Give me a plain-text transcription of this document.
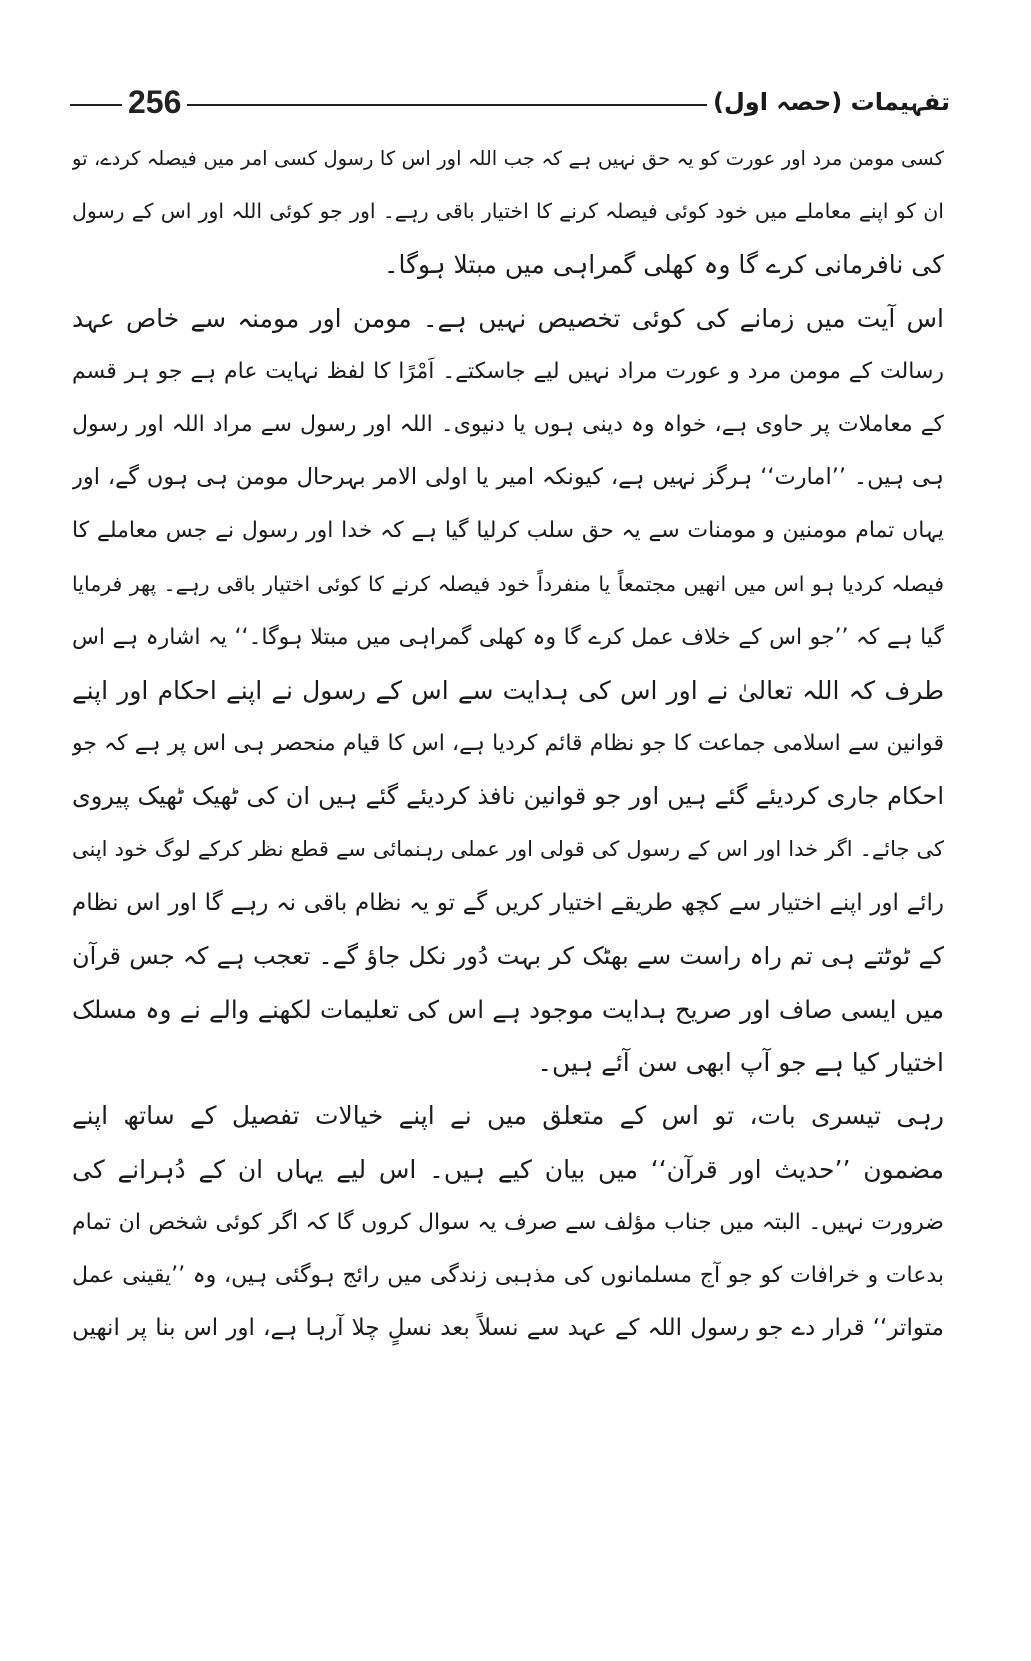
256	تفہیمات (حصہ اول)
کسی مومن مرد اور عورت کو یہ حق نہیں ہے کہ جب اللہ اور اس کا رسول کسی امر میں فیصلہ کردے، تو
ان کو اپنے معاملے میں خود کوئی فیصلہ کرنے کا اختیار باقی رہے۔ اور جو کوئی اللہ اور اس کے رسول
کی نافرمانی کرے گا وہ کھلی گمراہی میں مبتلا ہوگا۔
اس آیت میں زمانے کی کوئی تخصیص نہیں ہے۔ مومن اور مومنہ سے خاص عہد
رسالت کے مومن مرد و عورت مراد نہیں لیے جاسکتے۔ اَمْرًا کا لفظ نہایت عام ہے جو ہر قسم
کے معاملات پر حاوی ہے، خواہ وہ دینی ہوں یا دنیوی۔ اللہ اور رسول سے مراد اللہ اور رسول
ہی ہیں۔ ’’امارت‘‘ ہرگز نہیں ہے، کیونکہ امیر یا اولی الامر بہرحال مومن ہی ہوں گے، اور
یہاں تمام مومنین و مومنات سے یہ حق سلب کرلیا گیا ہے کہ خدا اور رسول نے جس معاملے کا
فیصلہ کردیا ہو اس میں انھیں مجتمعاً یا منفرداً خود فیصلہ کرنے کا کوئی اختیار باقی رہے۔ پھر فرمایا
گیا ہے کہ ’’جو اس کے خلاف عمل کرے گا وہ کھلی گمراہی میں مبتلا ہوگا۔‘‘ یہ اشارہ ہے اس
طرف کہ اللہ تعالیٰ نے اور اس کی ہدایت سے اس کے رسول نے اپنے احکام اور اپنے
قوانین سے اسلامی جماعت کا جو نظام قائم کردیا ہے، اس کا قیام منحصر ہی اس پر ہے کہ جو
احکام جاری کردیئے گئے ہیں اور جو قوانین نافذ کردیئے گئے ہیں ان کی ٹھیک ٹھیک پیروی
کی جائے۔ اگر خدا اور اس کے رسول کی قولی اور عملی رہنمائی سے قطع نظر کرکے لوگ خود اپنی
رائے اور اپنے اختیار سے کچھ طریقے اختیار کریں گے تو یہ نظام باقی نہ رہے گا اور اس نظام
کے ٹوٹتے ہی تم راہ راست سے بھٹک کر بہت دُور نکل جاؤ گے۔ تعجب ہے کہ جس قرآن
میں ایسی صاف اور صریح ہدایت موجود ہے اس کی تعلیمات لکھنے والے نے وہ مسلک
اختیار کیا ہے جو آپ ابھی سن آئے ہیں۔
رہی تیسری بات، تو اس کے متعلق میں نے اپنے خیالات تفصیل کے ساتھ اپنے
مضمون ’’حدیث اور قرآن‘‘ میں بیان کیے ہیں۔ اس لیے یہاں ان کے دُہرانے کی
ضرورت نہیں۔ البتہ میں جناب مؤلف سے صرف یہ سوال کروں گا کہ اگر کوئی شخص ان تمام
بدعات و خرافات کو جو آج مسلمانوں کی مذہبی زندگی میں رائج ہوگئی ہیں، وہ ’’یقینی عمل
متواتر‘‘ قرار دے جو رسول اللہ کے عہد سے نسلاً بعد نسلٍ چلا آرہا ہے، اور اس بنا پر انھیں
